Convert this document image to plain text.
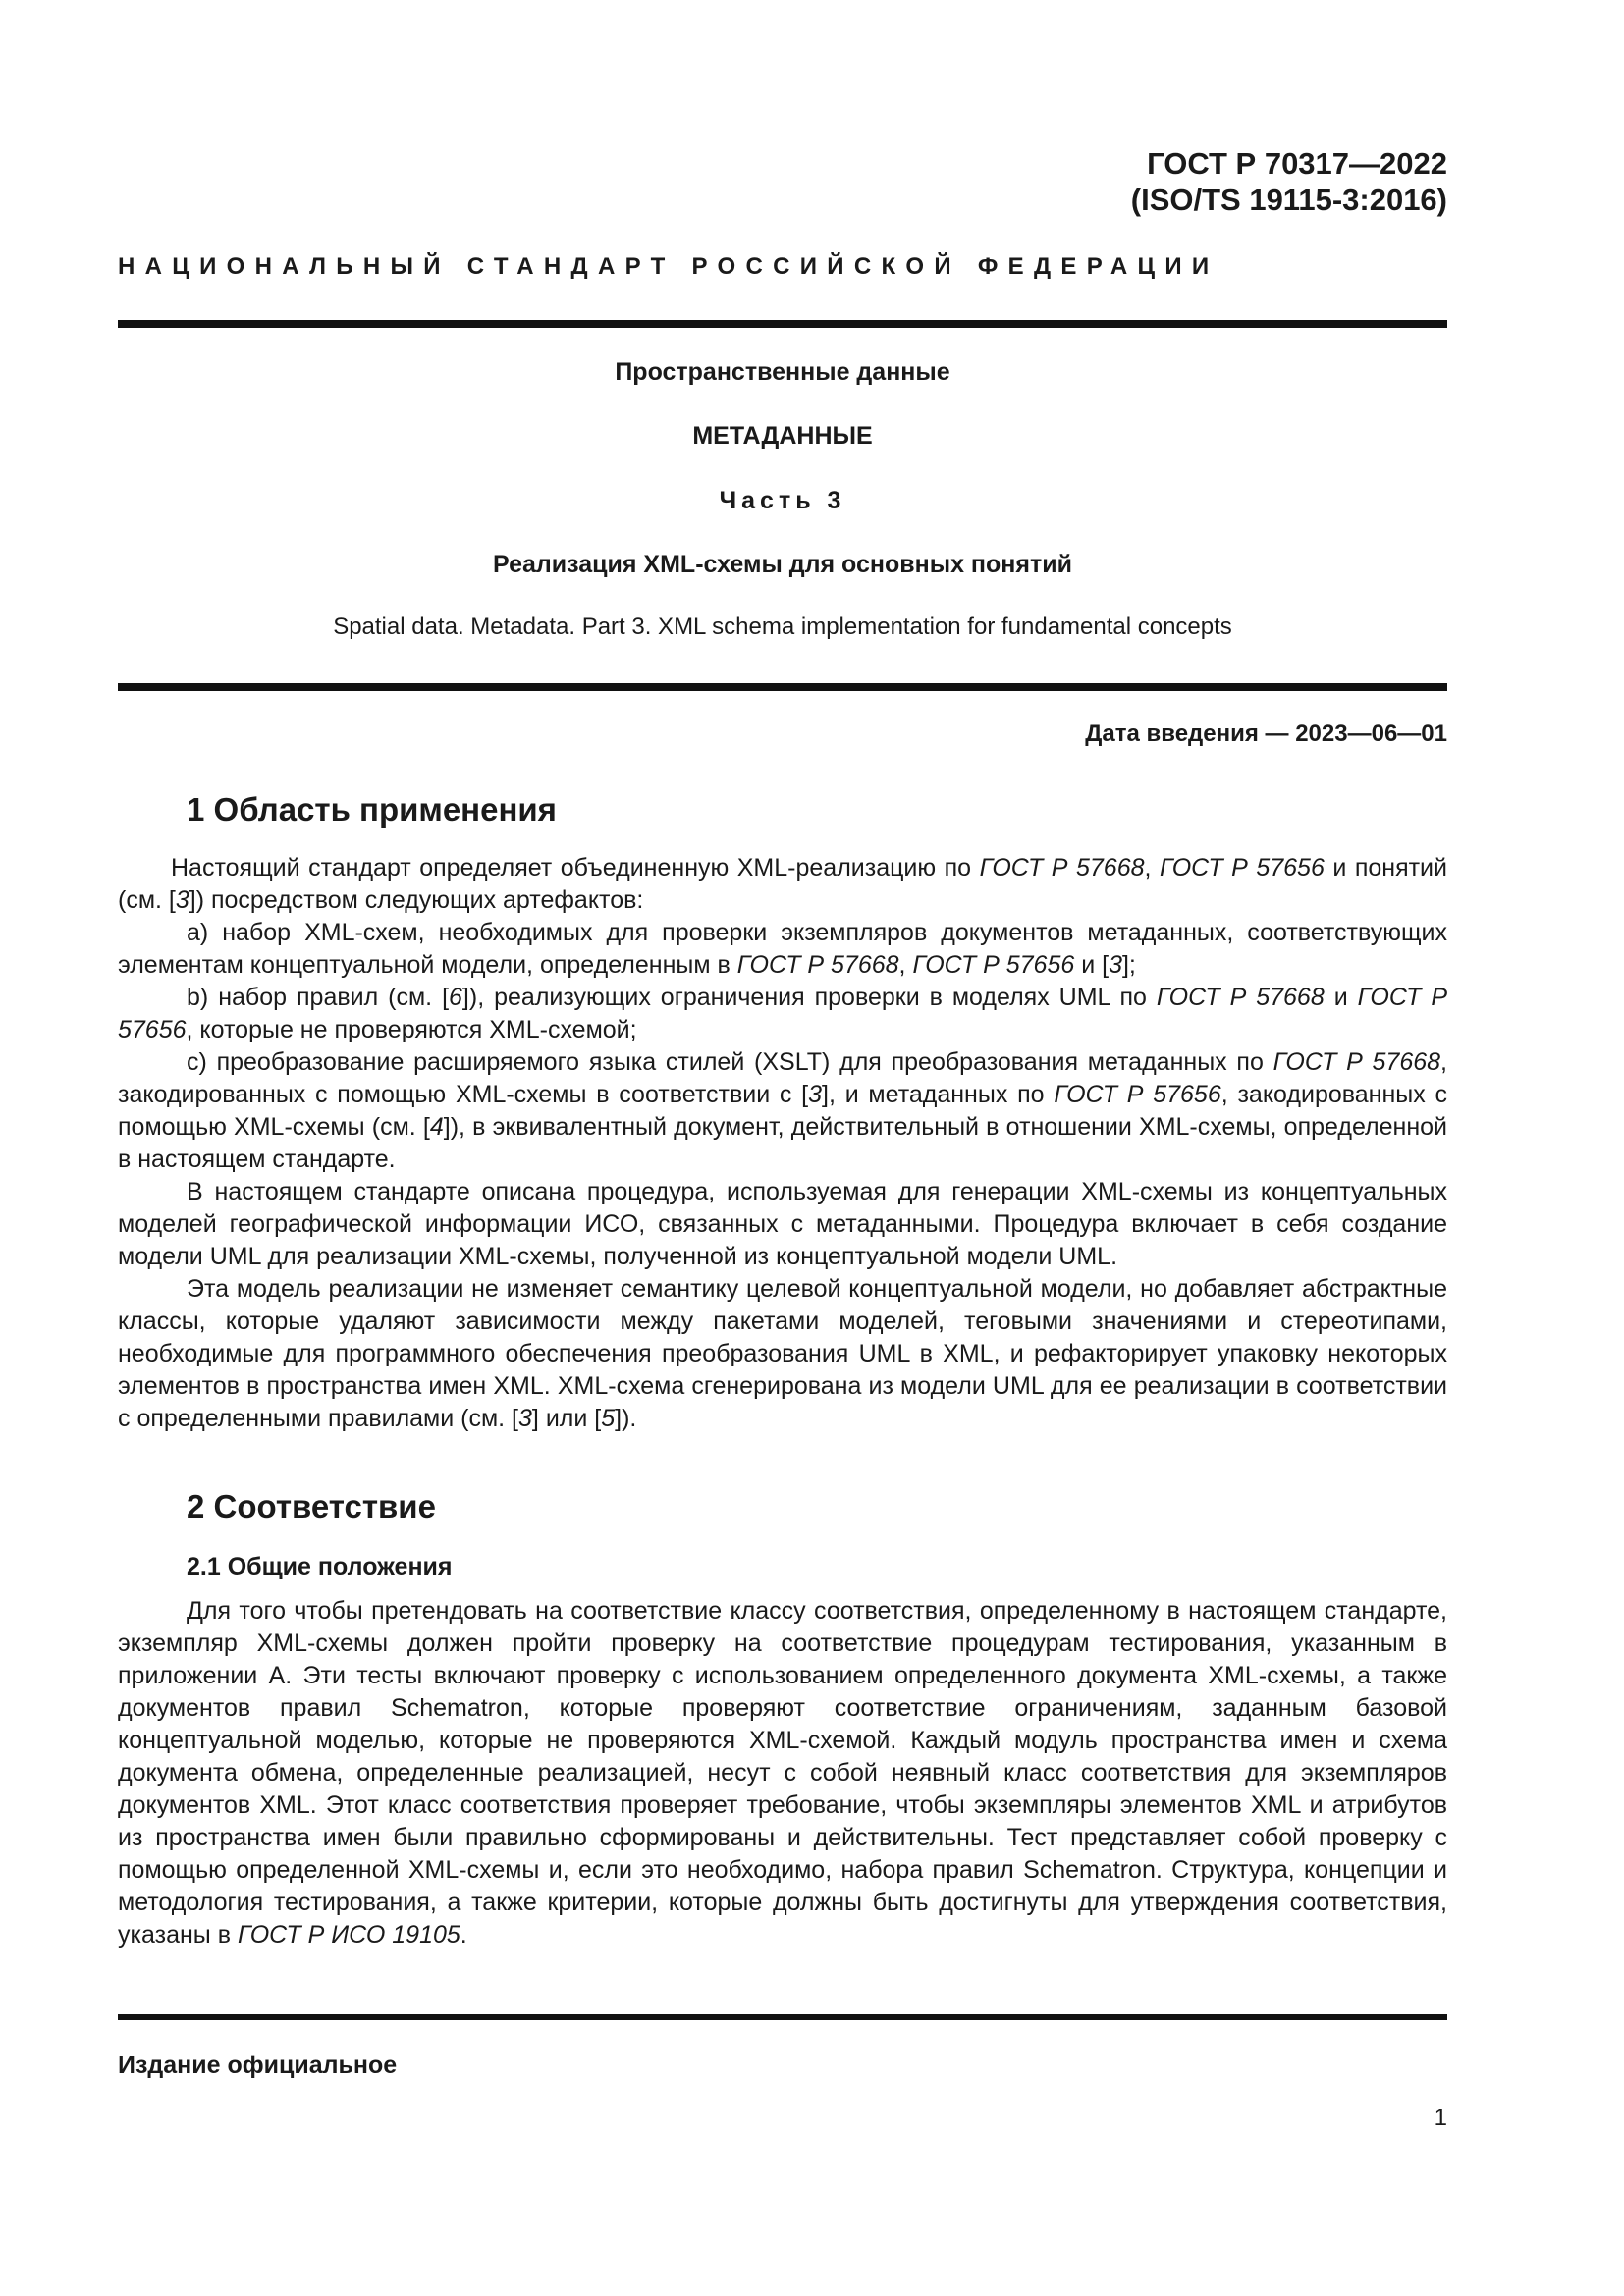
ГОСТ Р 70317—2022
(ISO/TS 19115-3:2016)
НАЦИОНАЛЬНЫЙ СТАНДАРТ РОССИЙСКОЙ ФЕДЕРАЦИИ
Пространственные данные
МЕТАДАННЫЕ
Часть 3
Реализация XML-схемы для основных понятий
Spatial data. Metadata. Part 3. XML schema implementation for fundamental concepts
Дата введения — 2023—06—01
1 Область применения

Настоящий стандарт определяет объединенную XML-реализацию по ГОСТ Р 57668, ГОСТ Р 57656 и понятий (см. [3]) посредством следующих артефактов:

a) набор XML-схем, необходимых для проверки экземпляров документов метаданных, соответствующих элементам концептуальной модели, определенным в ГОСТ Р 57668, ГОСТ Р 57656 и [3];

b) набор правил (см. [6]), реализующих ограничения проверки в моделях UML по ГОСТ Р 57668 и ГОСТ Р 57656, которые не проверяются XML-схемой;

c) преобразование расширяемого языка стилей (XSLT) для преобразования метаданных по ГОСТ Р 57668, закодированных с помощью XML-схемы в соответствии с [3], и метаданных по ГОСТ Р 57656, закодированных с помощью XML-схемы (см. [4]), в эквивалентный документ, действительный в отношении XML-схемы, определенной в настоящем стандарте.

В настоящем стандарте описана процедура, используемая для генерации XML-схемы из концептуальных моделей географической информации ИСО, связанных с метаданными. Процедура включает в себя создание модели UML для реализации XML-схемы, полученной из концептуальной модели UML.

Эта модель реализации не изменяет семантику целевой концептуальной модели, но добавляет абстрактные классы, которые удаляют зависимости между пакетами моделей, теговыми значениями и стереотипами, необходимые для программного обеспечения преобразования UML в XML, и рефакторирует упаковку некоторых элементов в пространства имен XML. XML-схема сгенерирована из модели UML для ее реализации в соответствии с определенными правилами (см. [3] или [5]).

2 Соответствие
2.1 Общие положения

Для того чтобы претендовать на соответствие классу соответствия, определенному в настоящем стандарте, экземпляр XML-схемы должен пройти проверку на соответствие процедурам тестирования, указанным в приложении А. Эти тесты включают проверку с использованием определенного документа XML-схемы, а также документов правил Schematron, которые проверяют соответствие ограничениям, заданным базовой концептуальной моделью, которые не проверяются XML-схемой. Каждый модуль пространства имен и схема документа обмена, определенные реализацией, несут с собой неявный класс соответствия для экземпляров документов XML. Этот класс соответствия проверяет требование, чтобы экземпляры элементов XML и атрибутов из пространства имен были правильно сформированы и действительны. Тест представляет собой проверку с помощью определенной XML-схемы и, если это необходимо, набора правил Schematron. Структура, концепции и методология тестирования, а также критерии, которые должны быть достигнуты для утверждения соответствия, указаны в ГОСТ Р ИСО 19105.

Издание официальное
1
